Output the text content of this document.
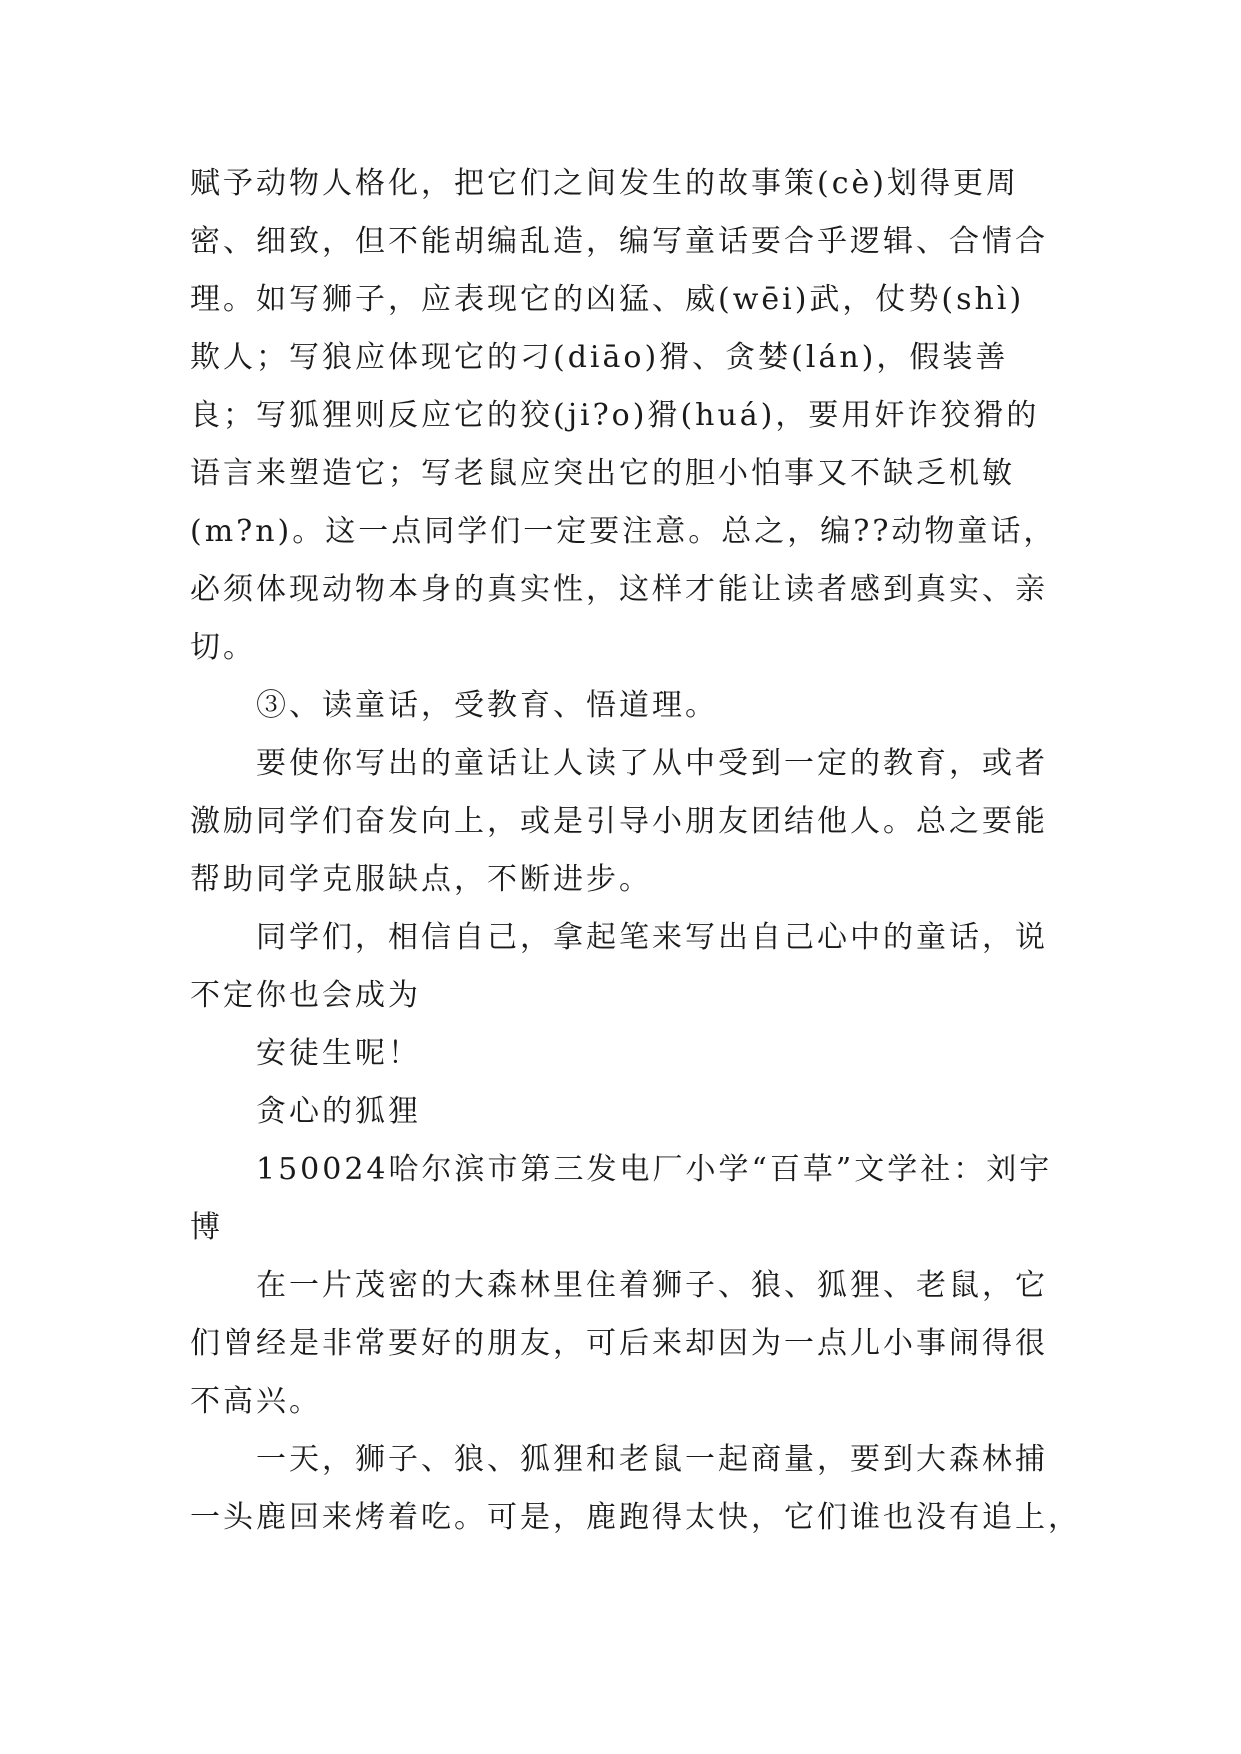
赋予动物人格化，把它们之间发生的故事策(cè)划得更周
密、细致，但不能胡编乱造，编写童话要合乎逻辑、合情合
理。如写狮子，应表现它的凶猛、威(wēi)武，仗势(shì)
欺人；写狼应体现它的刁(diāo)猾、贪婪(lán)，假装善
良；写狐狸则反应它的狡(ji?o)猾(huá)，要用奸诈狡猾的
语言来塑造它；写老鼠应突出它的胆小怕事又不缺乏机敏
(m?n)。这一点同学们一定要注意。总之，编??动物童话，
必须体现动物本身的真实性，这样才能让读者感到真实、亲
切。
③、读童话，受教育、悟道理。
要使你写出的童话让人读了从中受到一定的教育，或者
激励同学们奋发向上，或是引导小朋友团结他人。总之要能
帮助同学克服缺点，不断进步。
同学们，相信自己，拿起笔来写出自己心中的童话，说
不定你也会成为
安徒生呢！
贪心的狐狸
150024哈尔滨市第三发电厂小学“百草”文学社：刘宇
博
在一片茂密的大森林里住着狮子、狼、狐狸、老鼠，它
们曾经是非常要好的朋友，可后来却因为一点儿小事闹得很
不高兴。
一天，狮子、狼、狐狸和老鼠一起商量，要到大森林捕
一头鹿回来烤着吃。可是，鹿跑得太快，它们谁也没有追上，
